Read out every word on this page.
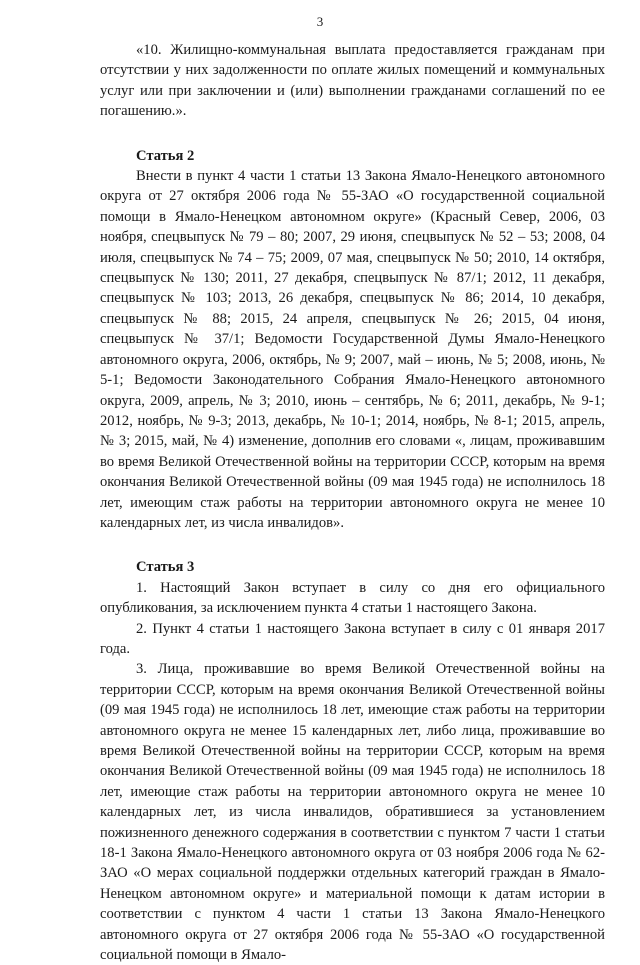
3

«10. Жилищно-коммунальная выплата предоставляется гражданам при отсутствии у них задолженности по оплате жилых помещений и коммунальных услуг или при заключении и (или) выполнении гражданами соглашений по ее погашению.».

Статья 2

Внести в пункт 4 части 1 статьи 13 Закона Ямало-Ненецкого автономного округа от 27 октября 2006 года № 55-ЗАО «О государственной социальной помощи в Ямало-Ненецком автономном округе» (Красный Север, 2006, 03 ноября, спецвыпуск № 79 – 80; 2007, 29 июня, спецвыпуск № 52 – 53; 2008, 04 июля, спецвыпуск № 74 – 75; 2009, 07 мая, спецвыпуск № 50; 2010, 14 октября, спецвыпуск № 130; 2011, 27 декабря, спецвыпуск № 87/1; 2012, 11 декабря, спецвыпуск № 103; 2013, 26 декабря, спецвыпуск № 86; 2014, 10 декабря, спецвыпуск № 88; 2015, 24 апреля, спецвыпуск № 26; 2015, 04 июня, спецвыпуск № 37/1; Ведомости Государственной Думы Ямало-Ненецкого автономного округа, 2006, октябрь, № 9; 2007, май – июнь, № 5; 2008, июнь, № 5-1; Ведомости Законодательного Собрания Ямало-Ненецкого автономного округа, 2009, апрель, № 3; 2010, июнь – сентябрь, № 6; 2011, декабрь, № 9-1; 2012, ноябрь, № 9-3; 2013, декабрь, № 10-1; 2014, ноябрь, № 8-1; 2015, апрель, № 3; 2015, май, № 4) изменение, дополнив его словами «, лицам, проживавшим во время Великой Отечественной войны на территории СССР, которым на время окончания Великой Отечественной войны (09 мая 1945 года) не исполнилось 18 лет, имеющим стаж работы на территории автономного округа не менее 10 календарных лет, из числа инвалидов».

Статья 3

1. Настоящий Закон вступает в силу со дня его официального опубликования, за исключением пункта 4 статьи 1 настоящего Закона.

2. Пункт 4 статьи 1 настоящего Закона вступает в силу с 01 января 2017 года.

3. Лица, проживавшие во время Великой Отечественной войны на территории СССР, которым на время окончания Великой Отечественной войны (09 мая 1945 года) не исполнилось 18 лет, имеющие стаж работы на территории автономного округа не менее 15 календарных лет, либо лица, проживавшие во время Великой Отечественной войны на территории СССР, которым на время окончания Великой Отечественной войны (09 мая 1945 года) не исполнилось 18 лет, имеющие стаж работы на территории автономного округа не менее 10 календарных лет, из числа инвалидов, обратившиеся за установлением пожизненного денежного содержания в соответствии с пунктом 7 части 1 статьи 18-1 Закона Ямало-Ненецкого автономного округа от 03 ноября 2006 года № 62-ЗАО «О мерах социальной поддержки отдельных категорий граждан в Ямало-Ненецком автономном округе» и материальной помощи к датам истории в соответствии с пунктом 4 части 1 статьи 13 Закона Ямало-Ненецкого автономного округа от 27 октября 2006 года № 55-ЗАО «О государственной социальной помощи в Ямало-
